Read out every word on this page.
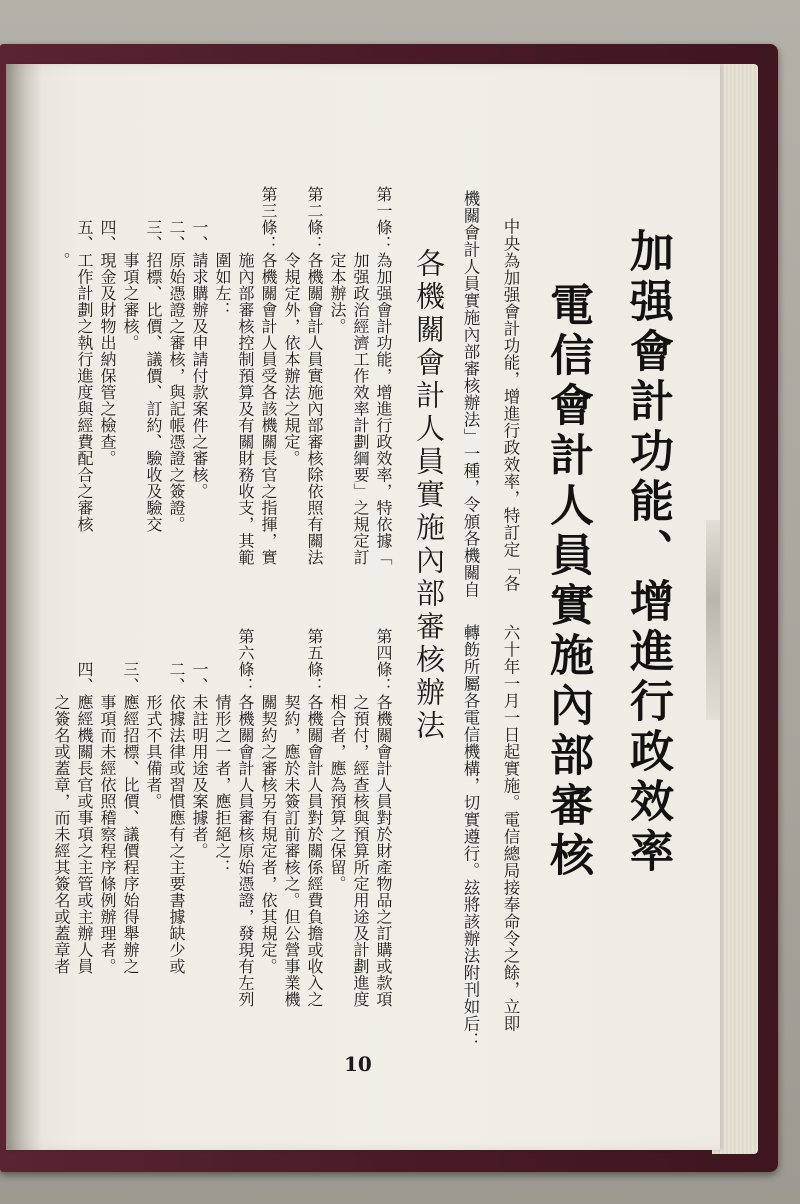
加强會計功能、增進行政效率
電信會計人員實施內部審核
中央為加强會計功能，增進行政效率，特訂定「各
機關會計人員實施內部審核辦法」一種，令頒各機關自
六十年一月一日起實施。電信總局接奉命令之餘，立即
轉飭所屬各電信機構，切實遵行。玆將該辦法附刊如后：
各機關會計人員實施內部審核辦法
第一條：為加强會計功能，增進行政效率，特依據「
　　　　加强政治經濟工作效率計劃綱要」之規定訂
　　　　定本辦法。
第二條：各機關會計人員實施內部審核除依照有關法
　　　　令規定外，依本辦法之規定。
第三條：各機關會計人員受各該機關長官之指揮，實
　　　　施內部審核控制預算及有關財務收支，其範
　　　　圍如左：
　　一、請求購辦及申請付款案件之審核。
　　二、原始憑證之審核，與記帳憑證之簽證。
　　三、招標、比價、議價、訂約、驗收及驗交
　　　　事項之審核。
　　四、現金及財物出納保管之檢查。
　　五、工作計劃之執行進度與經費配合之審核
　　　　。
第四條：各機關會計人員對於財產物品之訂購或款項
　　　　之預付，經查核與預算所定用途及計劃進度
　　　　相合者，應為預算之保留。
第五條：各機關會計人員對於關係經費負擔或收入之
　　　　契約，應於未簽訂前審核之。但公營事業機
　　　　關契約之審核另有規定者，依其規定。
第六條：各機關會計人員審核原始憑證，發現有左列
　　　　情形之一者，應拒絕之：
　　一、未註明用途及案據者。
　　二、依據法律或習慣應有之主要書據缺少或
　　　　形式不具備者。
　　三、應經招標、比價、議價程序始得舉辦之
　　　　事項而未經依照稽察程序條例辦理者。
　　四、應經機關長官或事項之主管或主辦人員
　　　　之簽名或蓋章，而未經其簽名或蓋章者
10
